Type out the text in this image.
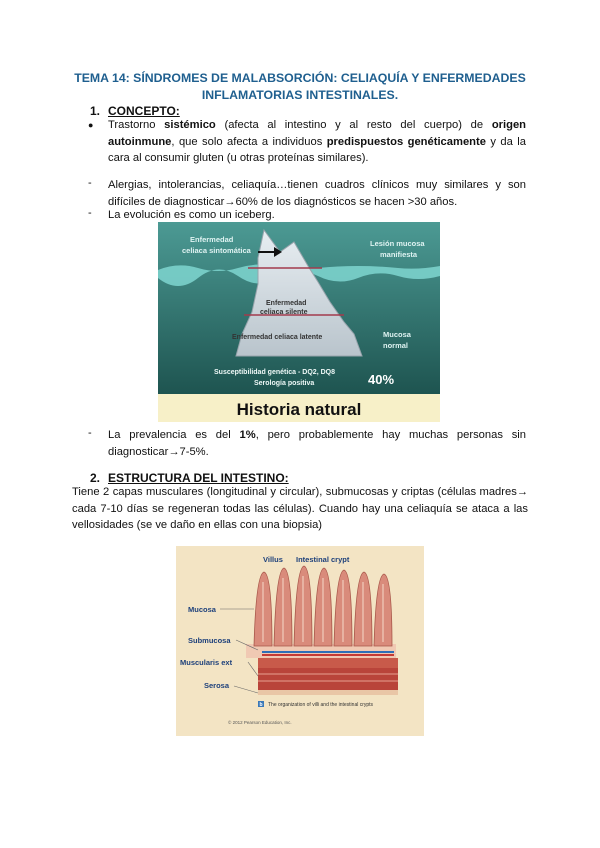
TEMA 14: SÍNDROMES DE MALABSORCIÓN: CELIAQUÍA Y ENFERMEDADES
INFLAMATORIAS INTESTINALES.
1. CONCEPTO:
● Trastorno sistémico (afecta al intestino y al resto del cuerpo) de origen autoinmune, que solo afecta a individuos predispuestos genéticamente y da la cara al consumir gluten (u otras proteínas similares).
- Alergias, intolerancias, celiaquía…tienen cuadros clínicos muy similares y son difíciles de diagnosticar→60% de los diagnósticos se hacen >30 años.
- La evolución es como un iceberg.
Enfermedad
celiaca sintomática
Lesión mucosa
manifiesta
Enfermedad
celiaca silente
Enfermedad celiaca latente	Mucosa
normal
Susceptibilidad genética - DQ2, DQ8
Serología positiva	40%
Historia natural
- La prevalencia es del 1%, pero probablemente hay muchas personas sin diagnosticar→7-5%.
2. ESTRUCTURA DEL INTESTINO:
Tiene 2 capas musculares (longitudinal y circular), submucosas y criptas (células madres→ cada 7-10 días se regeneran todas las células). Cuando hay una celiaquía se ataca a las vellosidades (se ve daño en ellas con una biopsia)
Villus Intestinal crypt
Mucosa
Submucosa
Muscularis ext
Serosa
b The organization of villi and the intestinal crypts
© 2012 Pearson Education, Inc.
